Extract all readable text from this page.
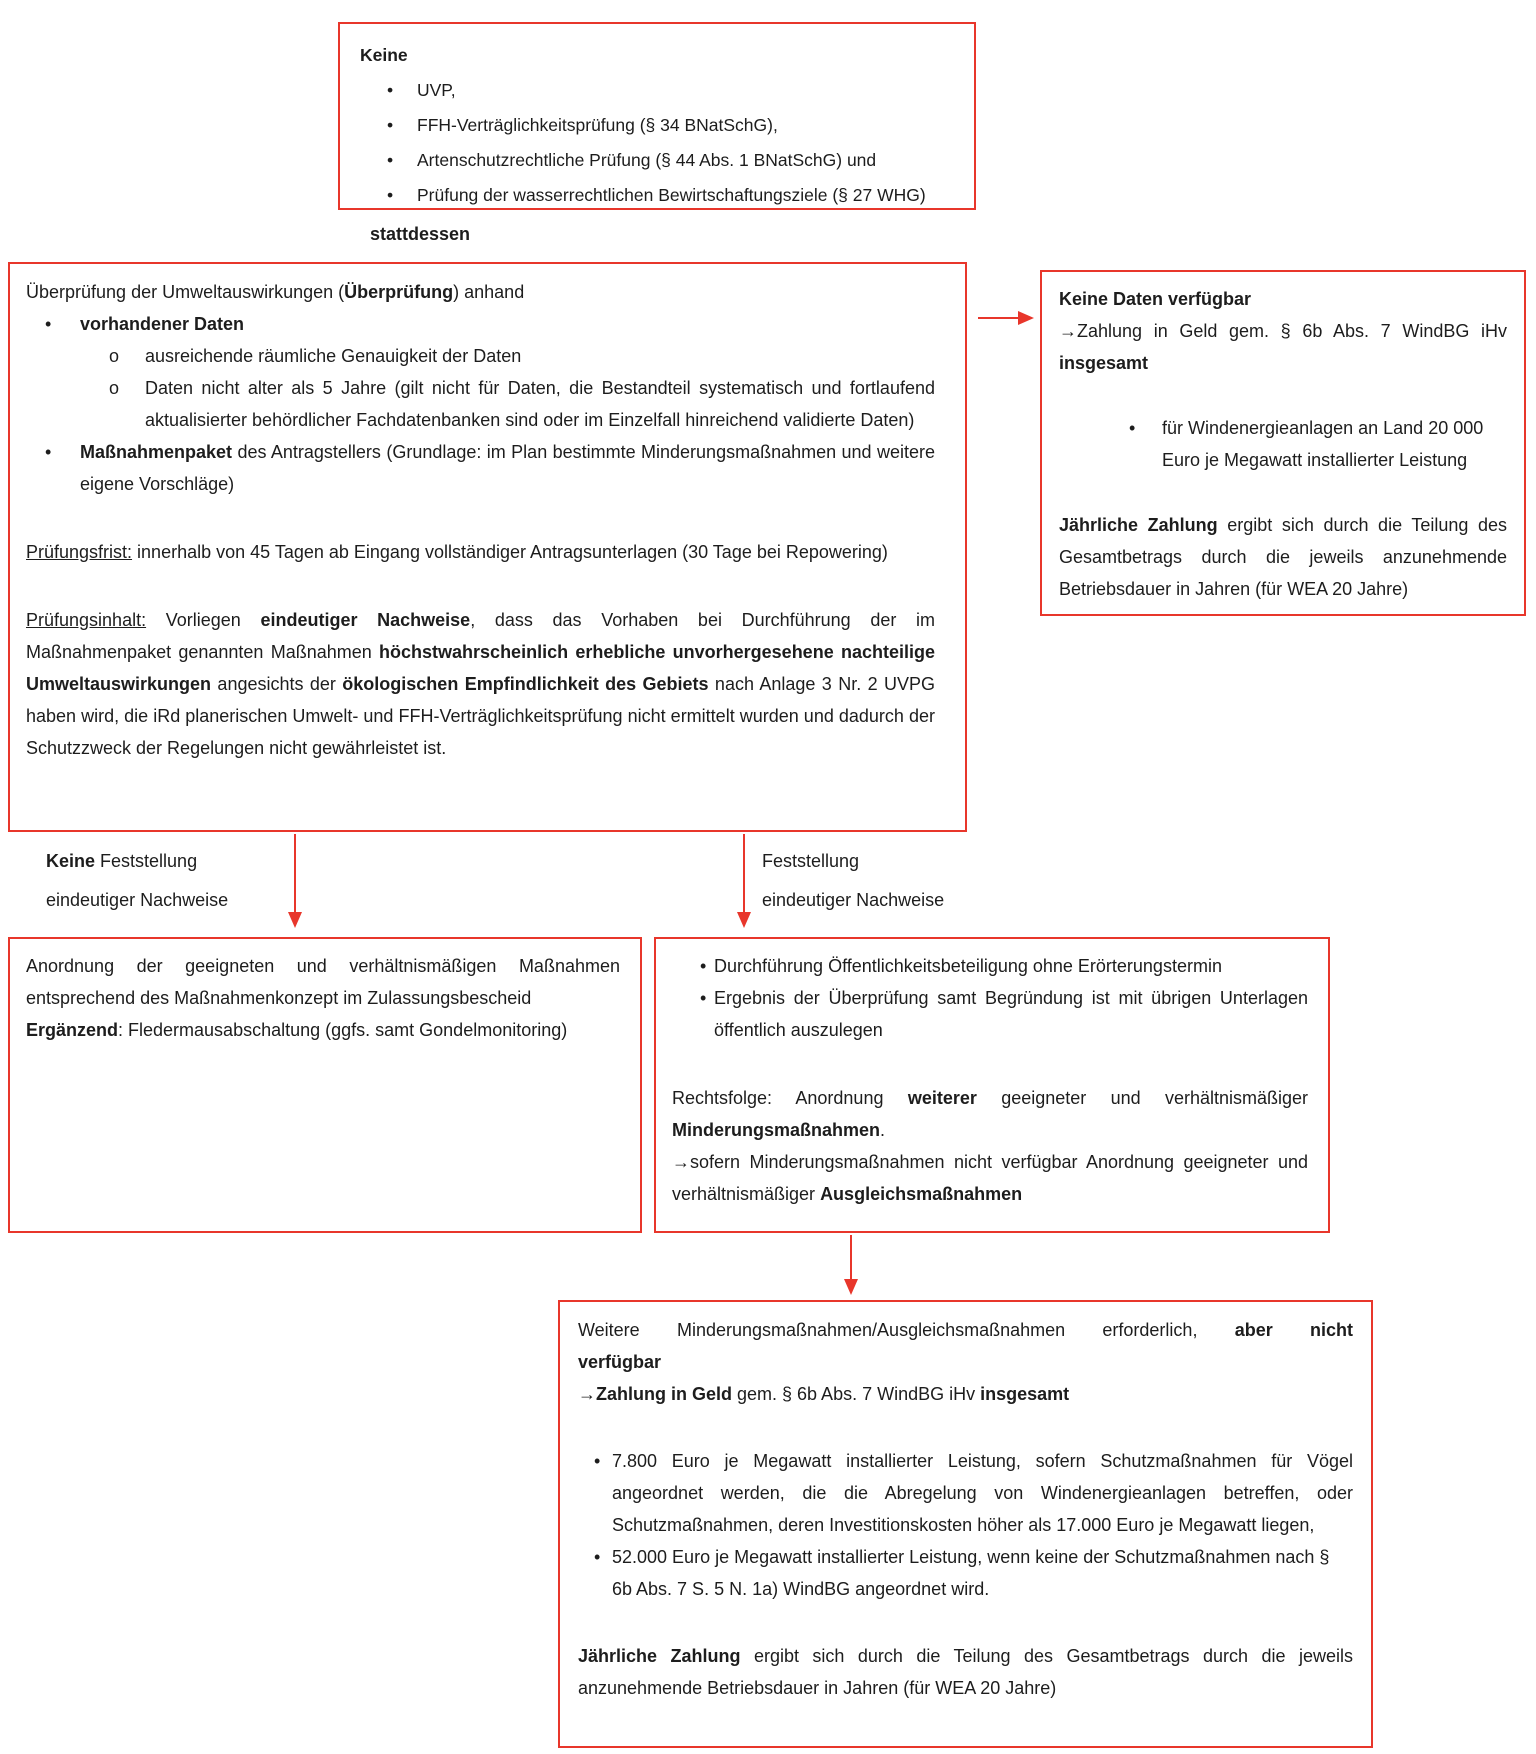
Keine
•	UVP,
•	FFH-Verträglichkeitsprüfung (§ 34 BNatSchG),
•	Artenschutzrechtliche Prüfung (§ 44 Abs. 1 BNatSchG) und
•	Prüfung der wasserrechtlichen Bewirtschaftungsziele (§ 27 WHG)
stattdessen

Überprüfung der Umweltauswirkungen (Überprüfung) anhand

•	vorhandener Daten
o	ausreichende räumliche Genauigkeit der Daten
o	Daten nicht alter als 5 Jahre (gilt nicht für Daten, die Bestandteil systematisch und fortlaufend aktualisierter behördlicher Fachdatenbanken sind oder im Einzelfall hinreichend validierte Daten)
•	Maßnahmenpaket des Antragstellers (Grundlage: im Plan bestimmte Minderungsmaßnahmen und weitere eigene Vorschläge)

Prüfungsfrist: innerhalb von 45 Tagen ab Eingang vollständiger Antragsunterlagen (30 Tage bei Repowering)

Prüfungsinhalt: Vorliegen eindeutiger Nachweise, dass das Vorhaben bei Durchführung der im Maßnahmenpaket genannten Maßnahmen höchstwahrscheinlich erhebliche unvorhergesehene nachteilige Umweltauswirkungen angesichts der ökologischen Empfindlichkeit des Gebiets nach Anlage 3 Nr. 2 UVPG haben wird, die iRd planerischen Umwelt- und FFH-Verträglichkeitsprüfung nicht ermittelt wurden und dadurch der Schutzzweck der Regelungen nicht gewährleistet ist.

Keine Daten verfügbar
→Zahlung in Geld gem. § 6b Abs. 7 WindBG iHv
insgesamt
•	für Windenergieanlagen an Land 20 000 Euro je Megawatt installierter Leistung

Jährliche Zahlung ergibt sich durch die Teilung des Gesamtbetrags durch die jeweils anzunehmende Betriebsdauer in Jahren (für WEA 20 Jahre)

Keine Feststellung
eindeutiger Nachweise
Feststellung
eindeutiger Nachweise

Anordnung der geeigneten und verhältnismäßigen Maßnahmen entsprechend des Maßnahmenkonzept im Zulassungsbescheid

Ergänzend: Fledermausabschaltung (ggfs. samt Gondelmonitoring)

• Durchführung Öffentlichkeitsbeteiligung ohne Erörterungstermin
• Ergebnis der Überprüfung samt Begründung ist mit übrigen Unterlagen öffentlich auszulegen
Rechtsfolge: Anordnung weiterer geeigneter und verhältnismäßiger
Minderungsmaßnahmen.
→sofern Minderungsmaßnahmen nicht verfügbar Anordnung geeigneter und
verhältnismäßiger Ausgleichsmaßnahmen
Weitere Minderungsmaßnahmen/Ausgleichsmaßnahmen erforderlich, aber nicht
verfügbar
→Zahlung in Geld gem. § 6b Abs. 7 WindBG iHv insgesamt
• 7.800 Euro je Megawatt installierter Leistung, sofern Schutzmaßnahmen für Vögel angeordnet werden, die die Abregelung von Windenergieanlagen betreffen, oder Schutzmaßnahmen, deren Investitionskosten höher als 17.000 Euro je Megawatt liegen,
• 52.000 Euro je Megawatt installierter Leistung, wenn keine der Schutzmaßnahmen nach § 6b Abs. 7 S. 5 N. 1a) WindBG angeordnet wird.

Jährliche Zahlung ergibt sich durch die Teilung des Gesamtbetrags durch die jeweils anzunehmende Betriebsdauer in Jahren (für WEA 20 Jahre)
